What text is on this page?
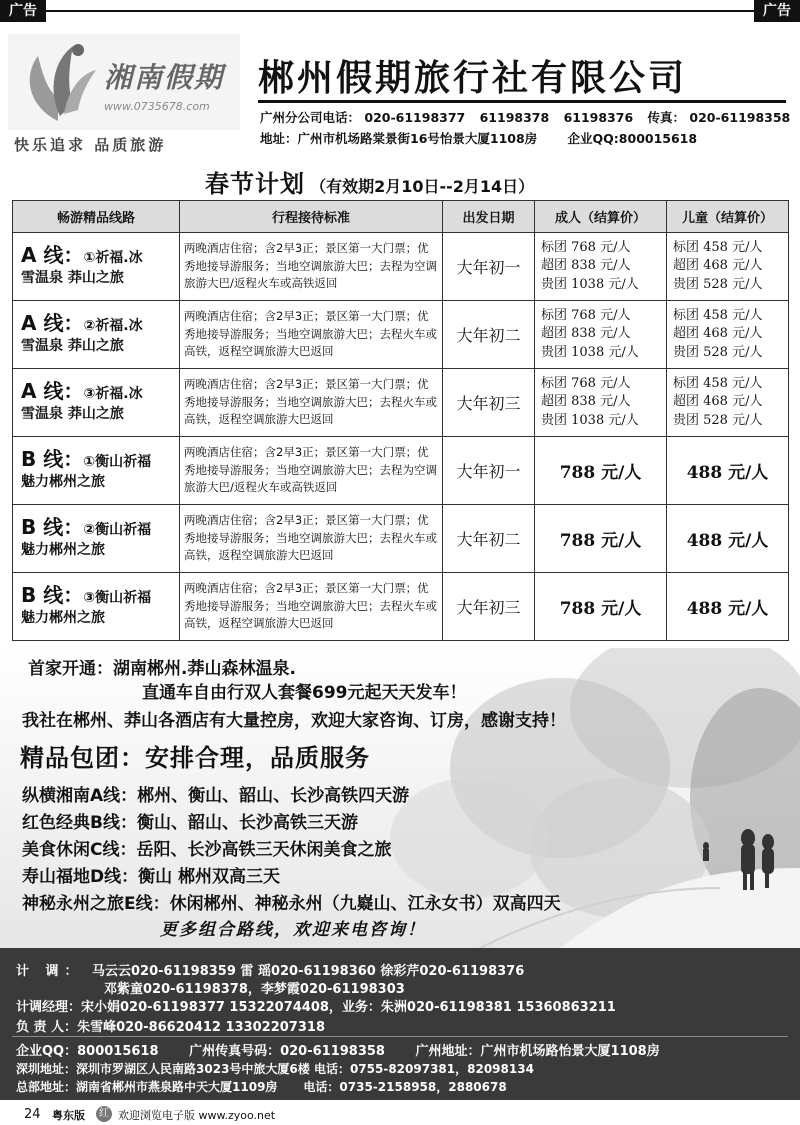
广告	广告
湘南假期
www.0735678.com
快乐追求 品质旅游
郴州假期旅行社有限公司
广州分公司电话： 020-61198377 61198378 61198376 传真： 020-61198358
地址：广州市机场路棠景街16号怡景大厦1108房 企业QQ:800015618
春节计划 （有效期2月10日--2月14日）
畅游精品线路	行程接待标准	出发日期	成人（结算价）	儿童（结算价）
A 线：①祈福.冰
雪温泉 莽山之旅	两晚酒店住宿；含2早3正；景区第一大门票；优秀地接导游服务；当地空调旅游大巴；去程为空调旅游大巴/返程火车或高铁返回	大年初一	标团 768 元/人
超团 838 元/人
贵团 1038 元/人	标团 458 元/人
超团 468 元/人
贵团 528 元/人
A 线：②祈福.冰
雪温泉 莽山之旅	两晚酒店住宿；含2早3正；景区第一大门票；优秀地接导游服务；当地空调旅游大巴；去程火车或高铁，返程空调旅游大巴返回	大年初二	标团 768 元/人
超团 838 元/人
贵团 1038 元/人	标团 458 元/人
超团 468 元/人
贵团 528 元/人
A 线：③祈福.冰
雪温泉 莽山之旅	两晚酒店住宿；含2早3正；景区第一大门票；优秀地接导游服务；当地空调旅游大巴；去程火车或高铁，返程空调旅游大巴返回	大年初三	标团 768 元/人
超团 838 元/人
贵团 1038 元/人	标团 458 元/人
超团 468 元/人
贵团 528 元/人
B 线：①衡山祈福
魅力郴州之旅	两晚酒店住宿；含2早3正；景区第一大门票；优秀地接导游服务；当地空调旅游大巴；去程为空调旅游大巴/返程火车或高铁返回	大年初一	788 元/人	488 元/人
B 线：②衡山祈福
魅力郴州之旅	两晚酒店住宿；含2早3正；景区第一大门票；优秀地接导游服务；当地空调旅游大巴；去程火车或高铁，返程空调旅游大巴返回	大年初二	788 元/人	488 元/人
B 线：③衡山祈福
魅力郴州之旅	两晚酒店住宿；含2早3正；景区第一大门票；优秀地接导游服务；当地空调旅游大巴；去程火车或高铁，返程空调旅游大巴返回	大年初三	788 元/人	488 元/人
首家开通：湖南郴州.莽山森林温泉.
直通车自由行双人套餐699元起天天发车！
我社在郴州、莽山各酒店有大量控房，欢迎大家咨询、订房，感谢支持！
精品包团：安排合理，品质服务
纵横湘南A线：郴州、衡山、韶山、长沙高铁四天游
红色经典B线：衡山、韶山、长沙高铁三天游
美食休闲C线：岳阳、长沙高铁三天休闲美食之旅
寿山福地D线：衡山 郴州双高三天
神秘永州之旅E线：休闲郴州、神秘永州（九嶷山、江永女书）双高四天
更多组合路线，欢迎来电咨询！
计 调： 马云云020-61198359 雷 瑶020-61198360 徐彩芹020-61198376
邓紫童020-61198378，李梦霞020-61198303
计调经理：宋小娟020-61198377 15322074408，业务：朱洲020-61198381 15360863211
负 责 人：朱雪峰020-86620412 13302207318
企业QQ：800015618 广州传真号码：020-61198358 广州地址：广州市机场路怡景大厦1108房
深圳地址：深圳市罗湖区人民南路3023号中旅大厦6楼 电话：0755-82097381，82098134
总部地址：湖南省郴州市燕泉路中天大厦1109房 电话：0735-2158958，2880678
24 粤东版	红 欢迎浏览电子版 www.zyoo.net
